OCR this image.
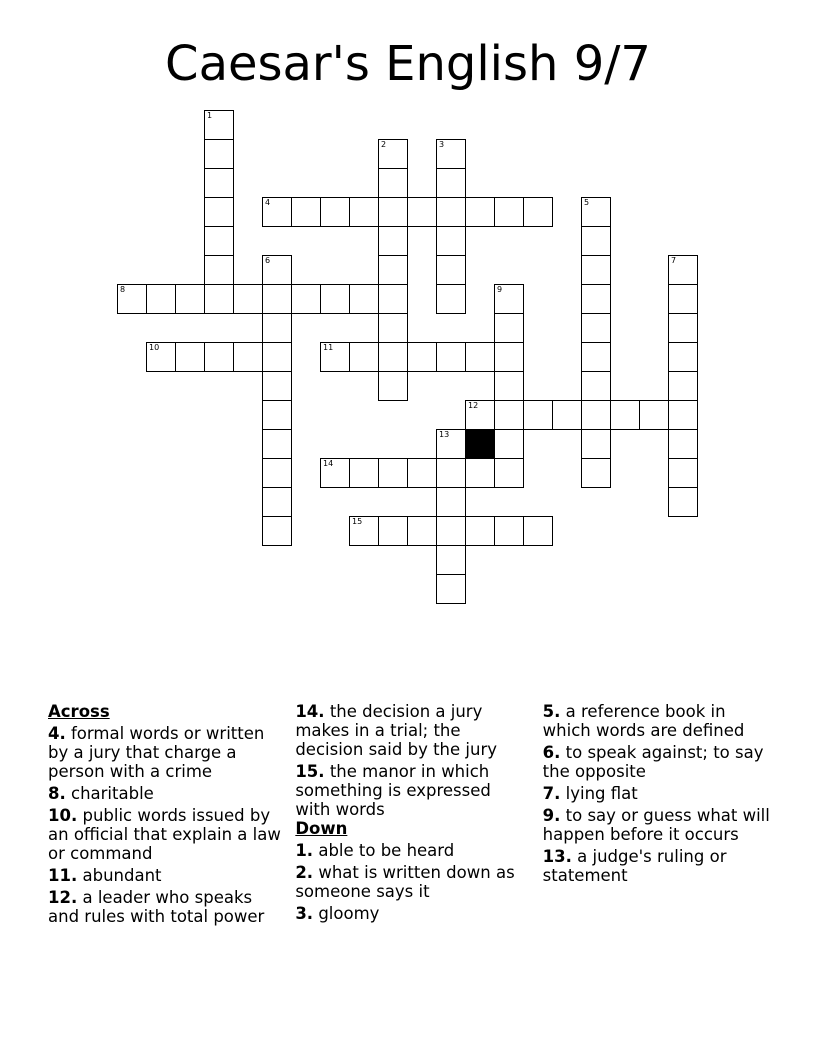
Caesar's English 9/7
1
2	3
4	5
6	7
8	9
10	11
12
13
14
15
Across
4. formal words or written by a jury that charge a person with a crime
8. charitable
10. public words issued by an official that explain a law or command
11. abundant
12. a leader who speaks and rules with total power
14. the decision a jury makes in a trial; the decision said by the jury
15. the manor in which something is expressed with words
Down
1. able to be heard
2. what is written down as someone says it
3. gloomy
5. a reference book in which words are defined
6. to speak against; to say the opposite
7. lying flat
9. to say or guess what will happen before it occurs
13. a judge's ruling or statement
